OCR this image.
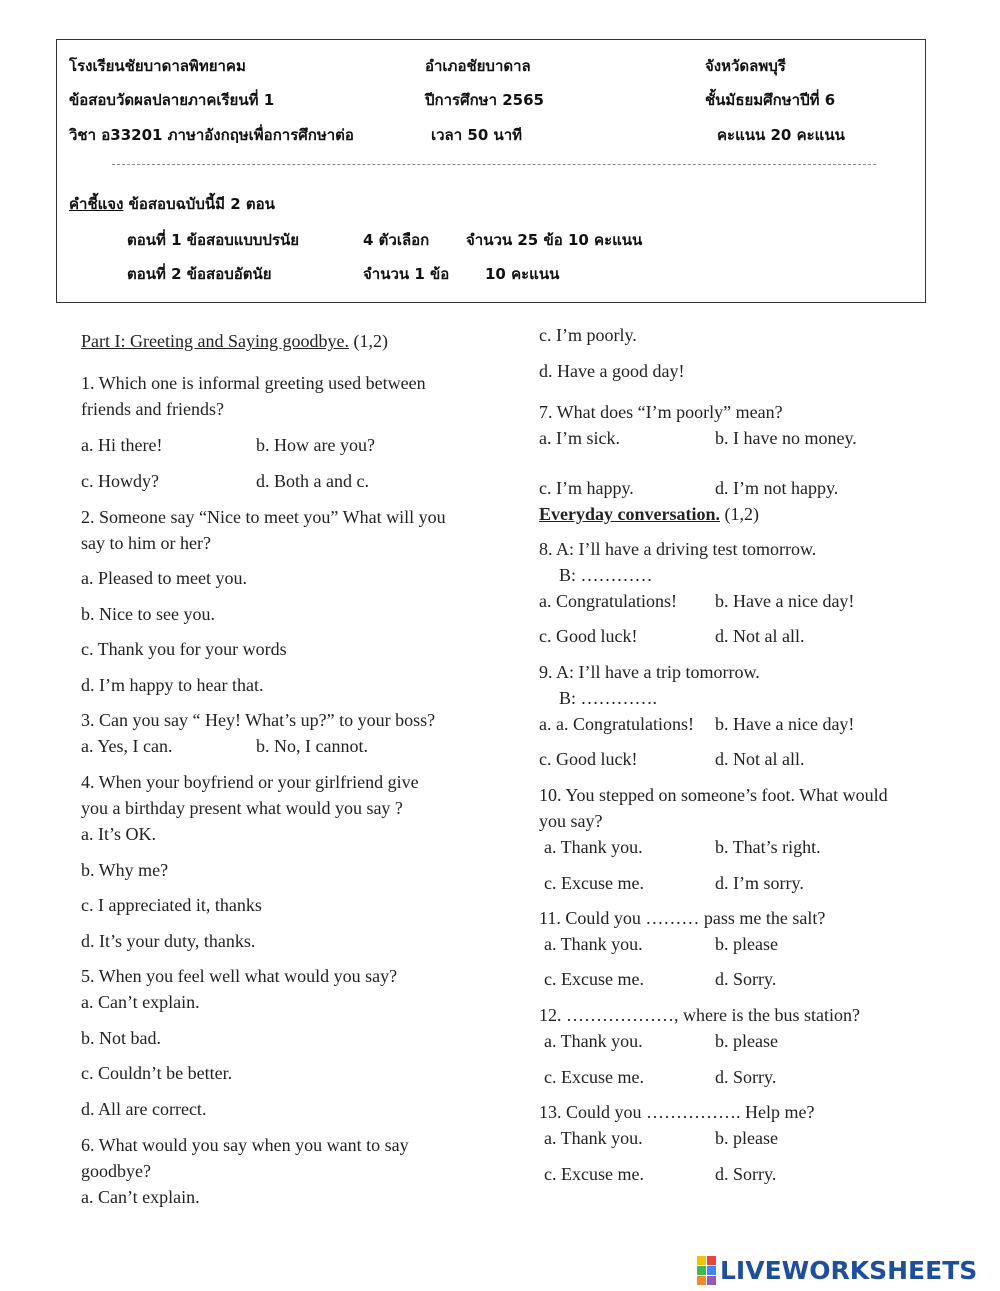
โรงเรียนชัยบาดาลพิทยาคม	อำเภอชัยบาดาล	จังหวัดลพบุรี
ข้อสอบวัดผลปลายภาคเรียนที่ 1	ปีการศึกษา 2565	ชั้นมัธยมศึกษาปีที่ 6
วิชา อ33201 ภาษาอังกฤษเพื่อการศึกษาต่อ	เวลา 50 นาที	คะแนน 20 คะแนน
คำชี้แจง ข้อสอบฉบับนี้มี 2 ตอน
ตอนที่ 1 ข้อสอบแบบปรนัย	4 ตัวเลือก จำนวน 25 ข้อ 10 คะแนน
ตอนที่ 2 ข้อสอบอัตนัย	จำนวน 1 ข้อ 10 คะแนน
Part I: Greeting and Saying goodbye. (1,2)
1. Which one is informal greeting used between
friends and friends?
a. Hi there!	b. How are you?
c. Howdy?	d. Both a and c.
2. Someone say “Nice to meet you” What will you
say to him or her?
a. Pleased to meet you.
b. Nice to see you.
c. Thank you for your words
d. I’m happy to hear that.
3. Can you say “ Hey! What’s up?” to your boss?
a. Yes, I can.	b. No, I cannot.
4. When your boyfriend or your girlfriend give
you a birthday present what would you say ?
a. It’s OK.
b. Why me?
c. I appreciated it, thanks
d. It’s your duty, thanks.
5. When you feel well what would you say?
a. Can’t explain.
b. Not bad.
c. Couldn’t be better.
d. All are correct.
6. What would you say when you want to say
goodbye?
a. Can’t explain.
c. I’m poorly.
d. Have a good day!
7. What does “I’m poorly” mean?
a. I’m sick.	b. I have no money.
c. I’m happy.	d. I’m not happy.
Everyday conversation. (1,2)
8. A: I’ll have a driving test tomorrow.
B: …………
a. Congratulations! b. Have a nice day!
c. Good luck!	d. Not al all.
9. A: I’ll have a trip tomorrow.
B: ………….
a. a. Congratulations! b. Have a nice day!
c. Good luck!	d. Not al all.
10. You stepped on someone’s foot. What would
you say?
a. Thank you.	b. That’s right.
c. Excuse me.	d. I’m sorry.
11. Could you ……… pass me the salt?
a. Thank you.	b. please
c. Excuse me.	d. Sorry.
12. ………………, where is the bus station?
a. Thank you.	b. please
c. Excuse me.	d. Sorry.
13. Could you ……………. Help me?
a. Thank you.	b. please
c. Excuse me.	d. Sorry.
LIVEWORKSHEETS
